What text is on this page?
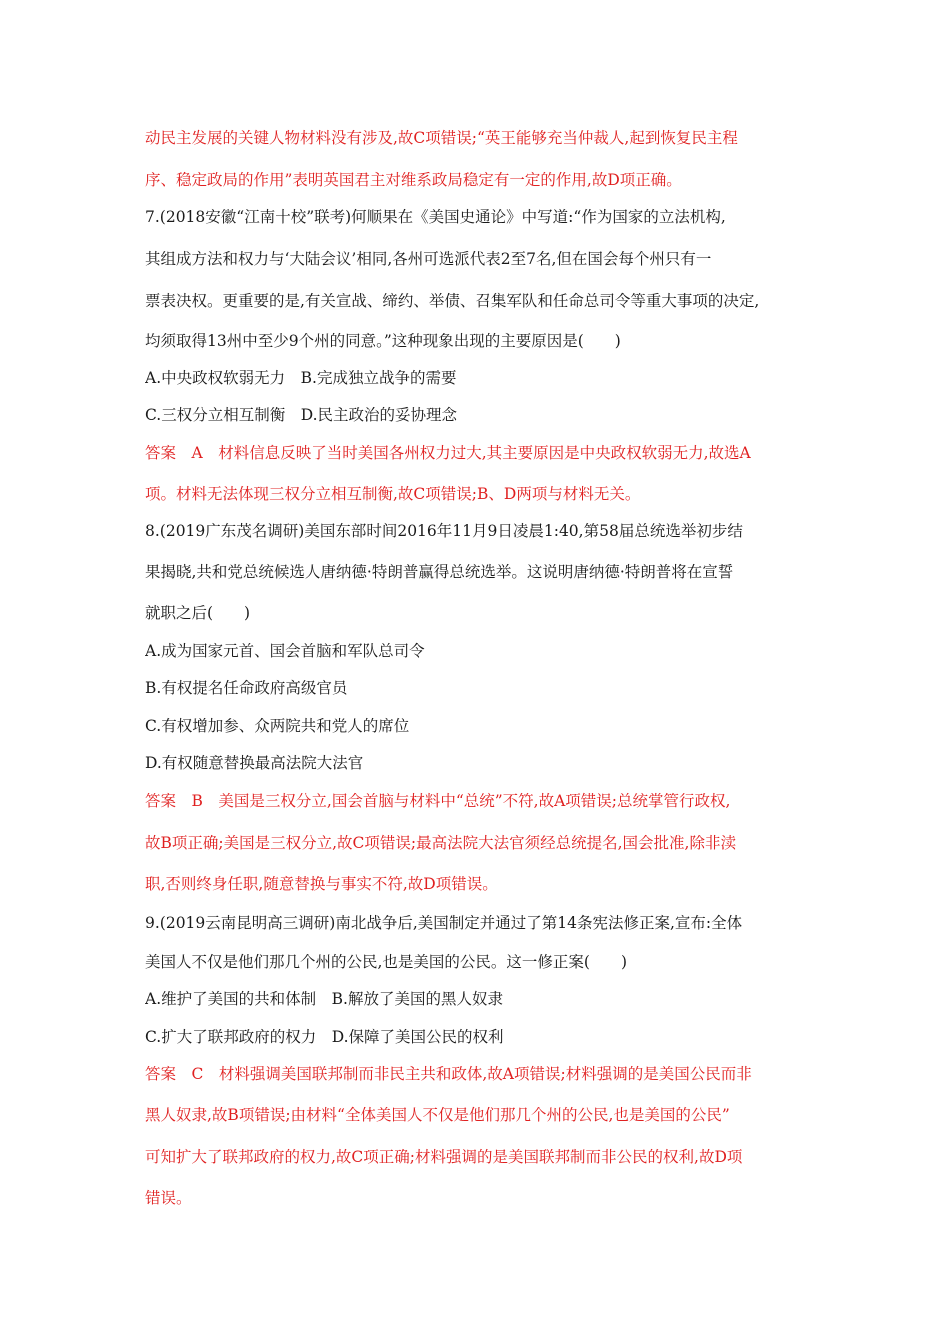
动民主发展的关键人物材料没有涉及,故C项错误;“英王能够充当仲裁人,起到恢复民主程
序、稳定政局的作用”表明英国君主对维系政局稳定有一定的作用,故D项正确。
7.(2018安徽“江南十校”联考)何顺果在《美国史通论》中写道:“作为国家的立法机构,
其组成方法和权力与‘大陆会议’相同,各州可选派代表2至7名,但在国会每个州只有一
票表决权。更重要的是,有关宣战、缔约、举债、召集军队和任命总司令等重大事项的决定,
均须取得13州中至少9个州的同意。”这种现象出现的主要原因是(　　)
A.中央政权软弱无力　B.完成独立战争的需要
C.三权分立相互制衡　D.民主政治的妥协理念
答案　A　材料信息反映了当时美国各州权力过大,其主要原因是中央政权软弱无力,故选A
项。材料无法体现三权分立相互制衡,故C项错误;B、D两项与材料无关。
8.(2019广东茂名调研)美国东部时间2016年11月9日凌晨1:40,第58届总统选举初步结
果揭晓,共和党总统候选人唐纳德·特朗普赢得总统选举。这说明唐纳德·特朗普将在宣誓
就职之后(　　)
A.成为国家元首、国会首脑和军队总司令
B.有权提名任命政府高级官员
C.有权增加参、众两院共和党人的席位
D.有权随意替换最高法院大法官
答案　B　美国是三权分立,国会首脑与材料中“总统”不符,故A项错误;总统掌管行政权,
故B项正确;美国是三权分立,故C项错误;最高法院大法官须经总统提名,国会批准,除非渎
职,否则终身任职,随意替换与事实不符,故D项错误。
9.(2019云南昆明高三调研)南北战争后,美国制定并通过了第14条宪法修正案,宣布:全体
美国人不仅是他们那几个州的公民,也是美国的公民。这一修正案(　　)
A.维护了美国的共和体制　B.解放了美国的黑人奴隶
C.扩大了联邦政府的权力　D.保障了美国公民的权利
答案　C　材料强调美国联邦制而非民主共和政体,故A项错误;材料强调的是美国公民而非
黑人奴隶,故B项错误;由材料“全体美国人不仅是他们那几个州的公民,也是美国的公民”
可知扩大了联邦政府的权力,故C项正确;材料强调的是美国联邦制而非公民的权利,故D项
错误。
